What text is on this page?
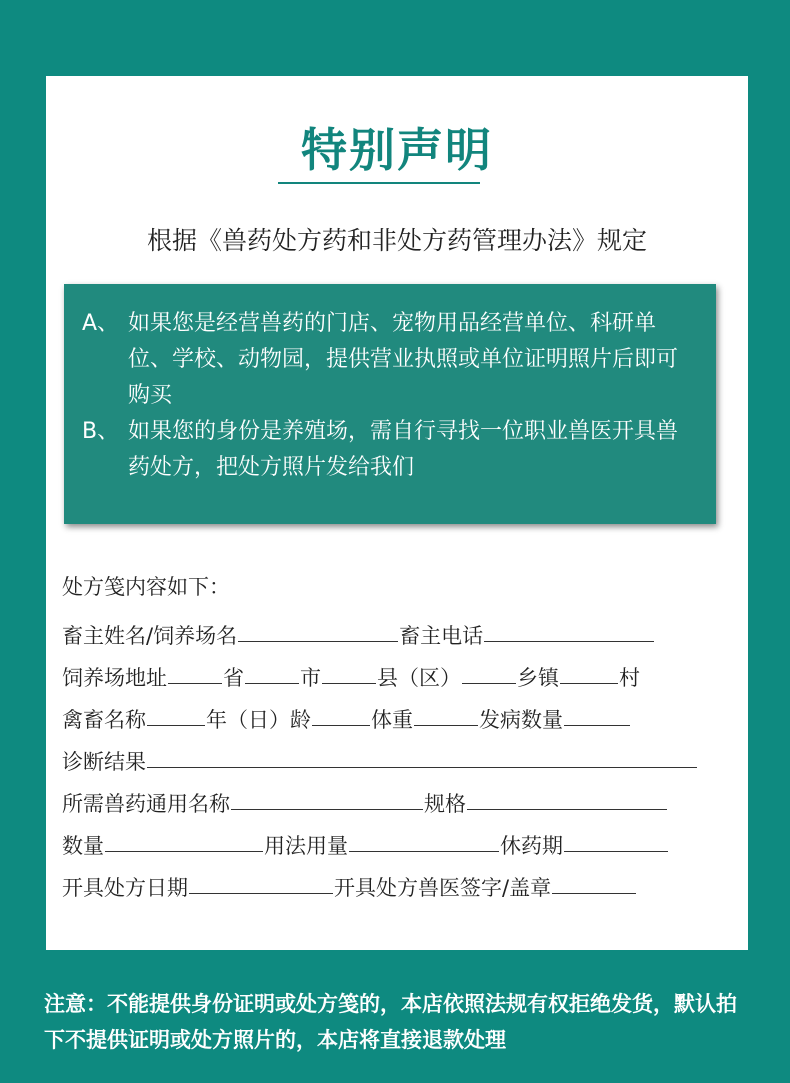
特别声明
根据《兽药处方药和非处方药管理办法》规定
A、 如果您是经营兽药的门店、宠物用品经营单位、科研单位、学校、动物园，提供营业执照或单位证明照片后即可购买
B、 如果您的身份是养殖场，需自行寻找一位职业兽医开具兽药处方，把处方照片发给我们
处方笺内容如下：
畜主姓名/饲养场名	畜主电话
饲养场地址	省	市	县（区）	乡镇	村
禽畜名称	年（日）龄	体重	发病数量
诊断结果
所需兽药通用名称	规格
数量	用法用量	休药期
开具处方日期	开具处方兽医签字/盖章
注意：不能提供身份证明或处方笺的，本店依照法规有权拒绝发货，默认拍下不提供证明或处方照片的，本店将直接退款处理
